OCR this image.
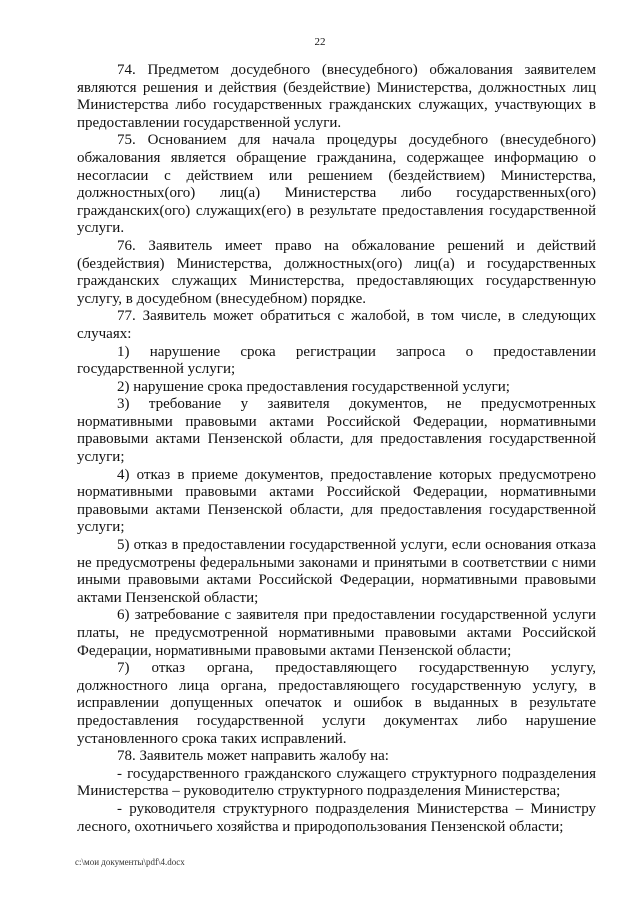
22

74. Предметом досудебного (внесудебного) обжалования заявителем являются решения и действия (бездействие) Министерства, должностных лиц Министерства либо государственных гражданских служащих, участвующих в предоставлении государственной услуги.

75. Основанием для начала процедуры досудебного (внесудебного) обжалования является обращение гражданина, содержащее информацию о несогласии с действием или решением (бездействием) Министерства, должностных(ого) лиц(а) Министерства либо государственных(ого) гражданских(ого) служащих(его) в результате предоставления государственной услуги.

76. Заявитель имеет право на обжалование решений и действий (бездействия) Министерства, должностных(ого) лиц(а) и государственных гражданских служащих Министерства, предоставляющих государственную услугу, в досудебном (внесудебном) порядке.

77. Заявитель может обратиться с жалобой, в том числе, в следующих случаях:

1) нарушение срока регистрации запроса о предоставлении государственной услуги;

2) нарушение срока предоставления государственной услуги;

3) требование у заявителя документов, не предусмотренных нормативными правовыми актами Российской Федерации, нормативными правовыми актами Пензенской области, для предоставления государственной услуги;

4) отказ в приеме документов, предоставление которых предусмотрено нормативными правовыми актами Российской Федерации, нормативными правовыми актами Пензенской области, для предоставления государственной услуги;

5) отказ в предоставлении государственной услуги, если основания отказа не предусмотрены федеральными законами и принятыми в соответствии с ними иными правовыми актами Российской Федерации, нормативными правовыми актами Пензенской области;

6) затребование с заявителя при предоставлении государственной услуги платы, не предусмотренной нормативными правовыми актами Российской Федерации, нормативными правовыми актами Пензенской области;

7) отказ органа, предоставляющего государственную услугу, должностного лица органа, предоставляющего государственную услугу, в исправлении допущенных опечаток и ошибок в выданных в результате предоставления государственной услуги документах либо нарушение установленного срока таких исправлений.

78. Заявитель может направить жалобу на:

- государственного гражданского служащего структурного подразделения Министерства – руководителю структурного подразделения Министерства;

- руководителя структурного подразделения Министерства – Министру лесного, охотничьего хозяйства и природопользования Пензенской области;

c:\мои документы\pdf\4.docx
